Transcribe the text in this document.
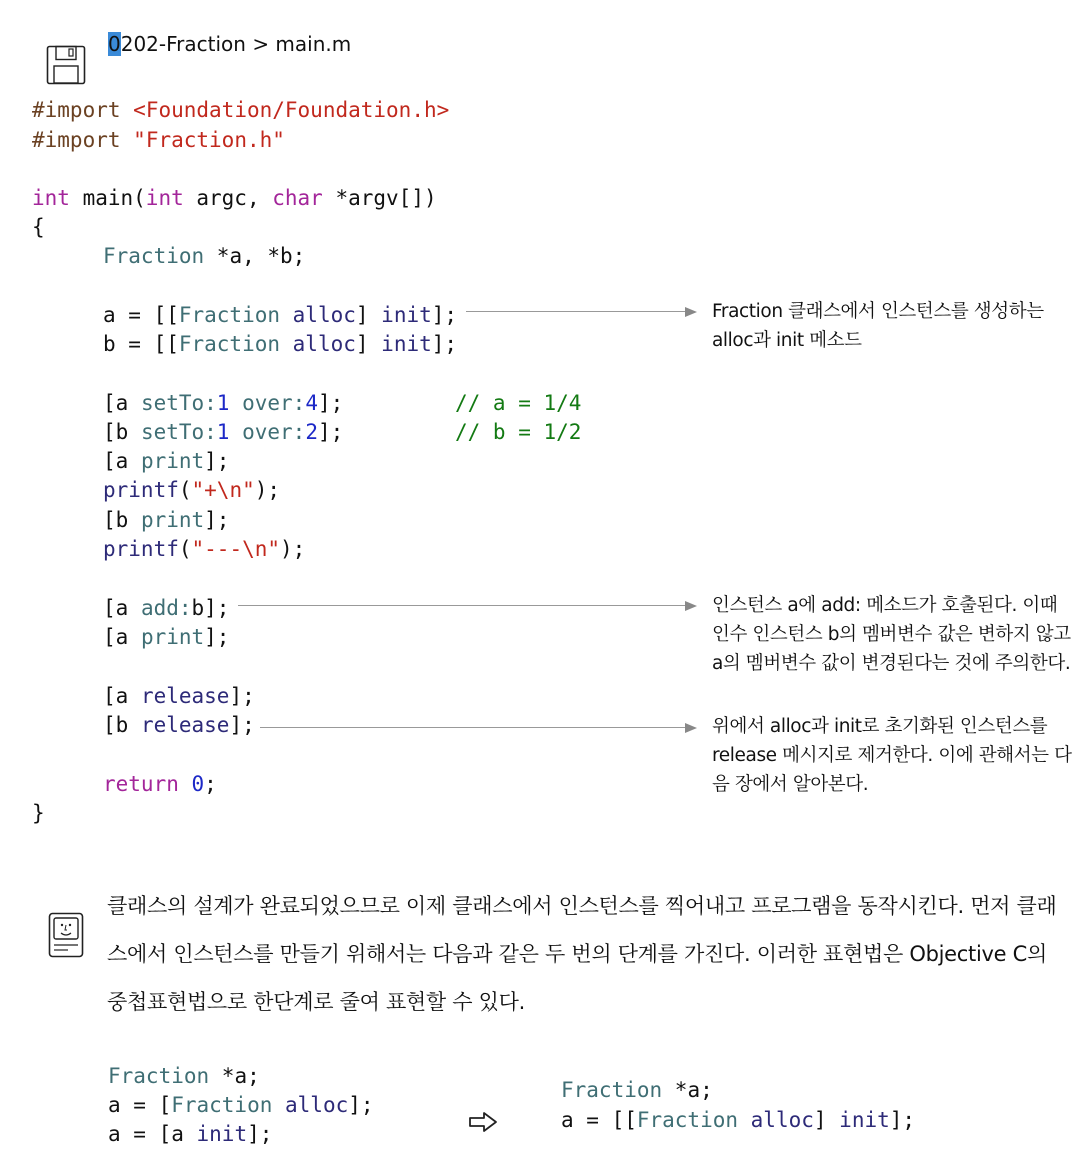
0202-Fraction > main.m
#import <Foundation/Foundation.h>
#import "Fraction.h"
int main(int argc, char *argv[])
{
Fraction *a, *b;
a = [[Fraction alloc] init];
b = [[Fraction alloc] init];
[a setTo:1 over:4];	// a = 1/4
[b setTo:1 over:2];	// b = 1/2
[a print];
printf("+\n");
[b print];
printf("---\n");
[a add:b];
[a print];
[a release];
[b release];
return 0;
}
Fraction 클래스에서 인스턴스를 생성하는 alloc과 init 메소드
인스턴스 a에 add: 메소드가 호출된다. 이때 인수 인스턴스 b의 멤버변수 값은 변하지 않고 a의 멤버변수 값이 변경된다는 것에 주의한다.
위에서 alloc과 init로 초기화된 인스턴스를 release 메시지로 제거한다. 이에 관해서는 다음 장에서 알아본다.

클래스의 설계가 완료되었으므로 이제 클래스에서 인스턴스를 찍어내고 프로그램을 동작시킨다. 먼저 클래스에서 인스턴스를 만들기 위해서는 다음과 같은 두 번의 단계를 가진다. 이러한 표현법은 Objective C의 중첩표현법으로 한단계로 줄여 표현할 수 있다.
Fraction *a;
a = [Fraction alloc];
a = [a init];

Fraction *a;
a = [[Fraction alloc] init];
